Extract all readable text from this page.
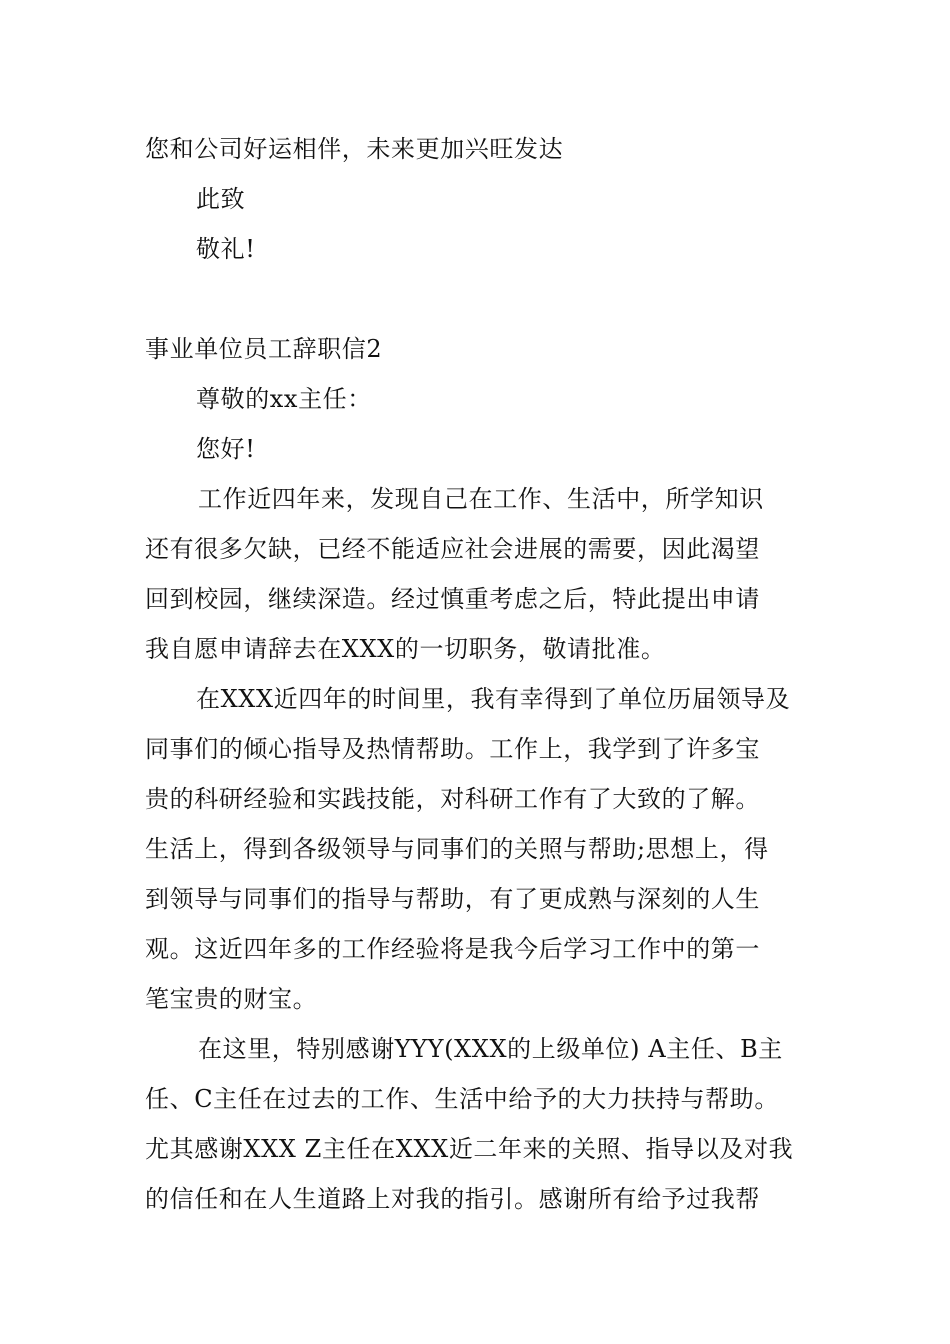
您和公司好运相伴，未来更加兴旺发达
此致
敬礼!
事业单位员工辞职信2
尊敬的xx主任：
您好!
工作近四年来，发现自己在工作、生活中，所学知识
还有很多欠缺，已经不能适应社会进展的需要，因此渴望
回到校园，继续深造。经过慎重考虑之后，特此提出申请
我自愿申请辞去在XXX的一切职务，敬请批准。
在XXX近四年的时间里，我有幸得到了单位历届领导及
同事们的倾心指导及热情帮助。工作上，我学到了许多宝
贵的科研经验和实践技能，对科研工作有了大致的了解。
生活上，得到各级领导与同事们的关照与帮助;思想上，得
到领导与同事们的指导与帮助，有了更成熟与深刻的人生
观。这近四年多的工作经验将是我今后学习工作中的第一
笔宝贵的财宝。
在这里，特别感谢YYY(XXX的上级单位) A主任、B主
任、C主任在过去的工作、生活中给予的大力扶持与帮助。
尤其感谢XXX Z主任在XXX近二年来的关照、指导以及对我
的信任和在人生道路上对我的指引。感谢所有给予过我帮
